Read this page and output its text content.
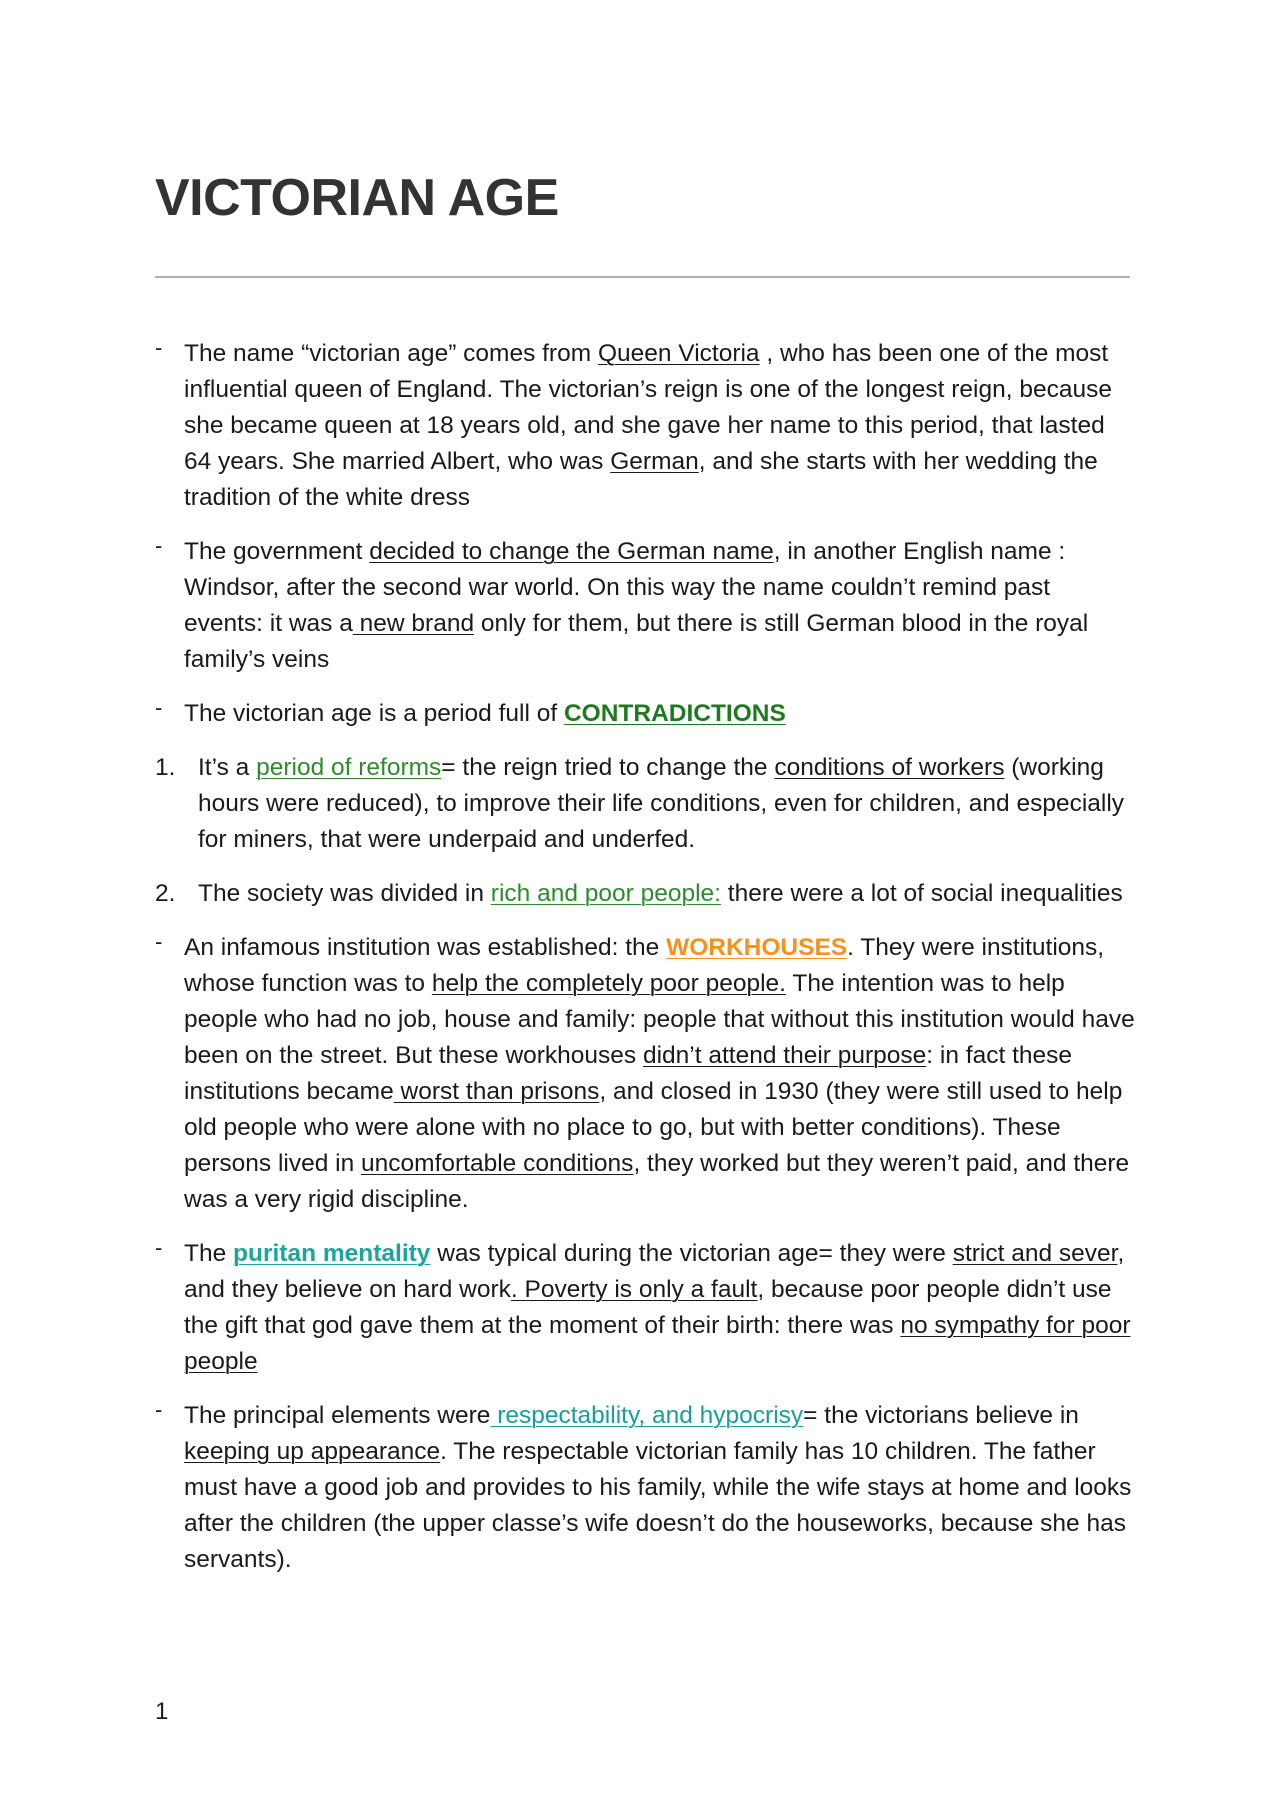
VICTORIAN AGE
- The name “victorian age” comes from Queen Victoria , who has been one of the most influential queen of England. The victorian’s reign is one of the longest reign, because she became queen at 18 years old, and she gave her name to this period, that lasted 64 years. She married Albert, who was German, and she starts with her wedding the tradition of the white dress
- The government decided to change the German name, in another English name : Windsor, after the second war world. On this way the name couldn’t remind past events: it was a new brand only for them, but there is still German blood in the royal family’s veins
- The victorian age is a period full of CONTRADICTIONS
1. It’s a period of reforms= the reign tried to change the conditions of workers (working hours were reduced), to improve their life conditions, even for children, and especially for miners, that were underpaid and underfed.
2. The society was divided in rich and poor people: there were a lot of social inequalities
- An infamous institution was established: the WORKHOUSES. They were institutions, whose function was to help the completely poor people. The intention was to help people who had no job, house and family: people that without this institution would have been on the street. But these workhouses didn’t attend their purpose: in fact these institutions became worst than prisons, and closed in 1930 (they were still used to help old people who were alone with no place to go, but with better conditions). These persons lived in uncomfortable conditions, they worked but they weren’t paid, and there was a very rigid discipline.
- The puritan mentality was typical during the victorian age= they were strict and sever, and they believe on hard work. Poverty is only a fault, because poor people didn’t use the gift that god gave them at the moment of their birth: there was no sympathy for poor people
- The principal elements were respectability, and hypocrisy= the victorians believe in keeping up appearance. The respectable victorian family has 10 children. The father must have a good job and provides to his family, while the wife stays at home and looks after the children (the upper classe’s wife doesn’t do the houseworks, because she has servants).
1
